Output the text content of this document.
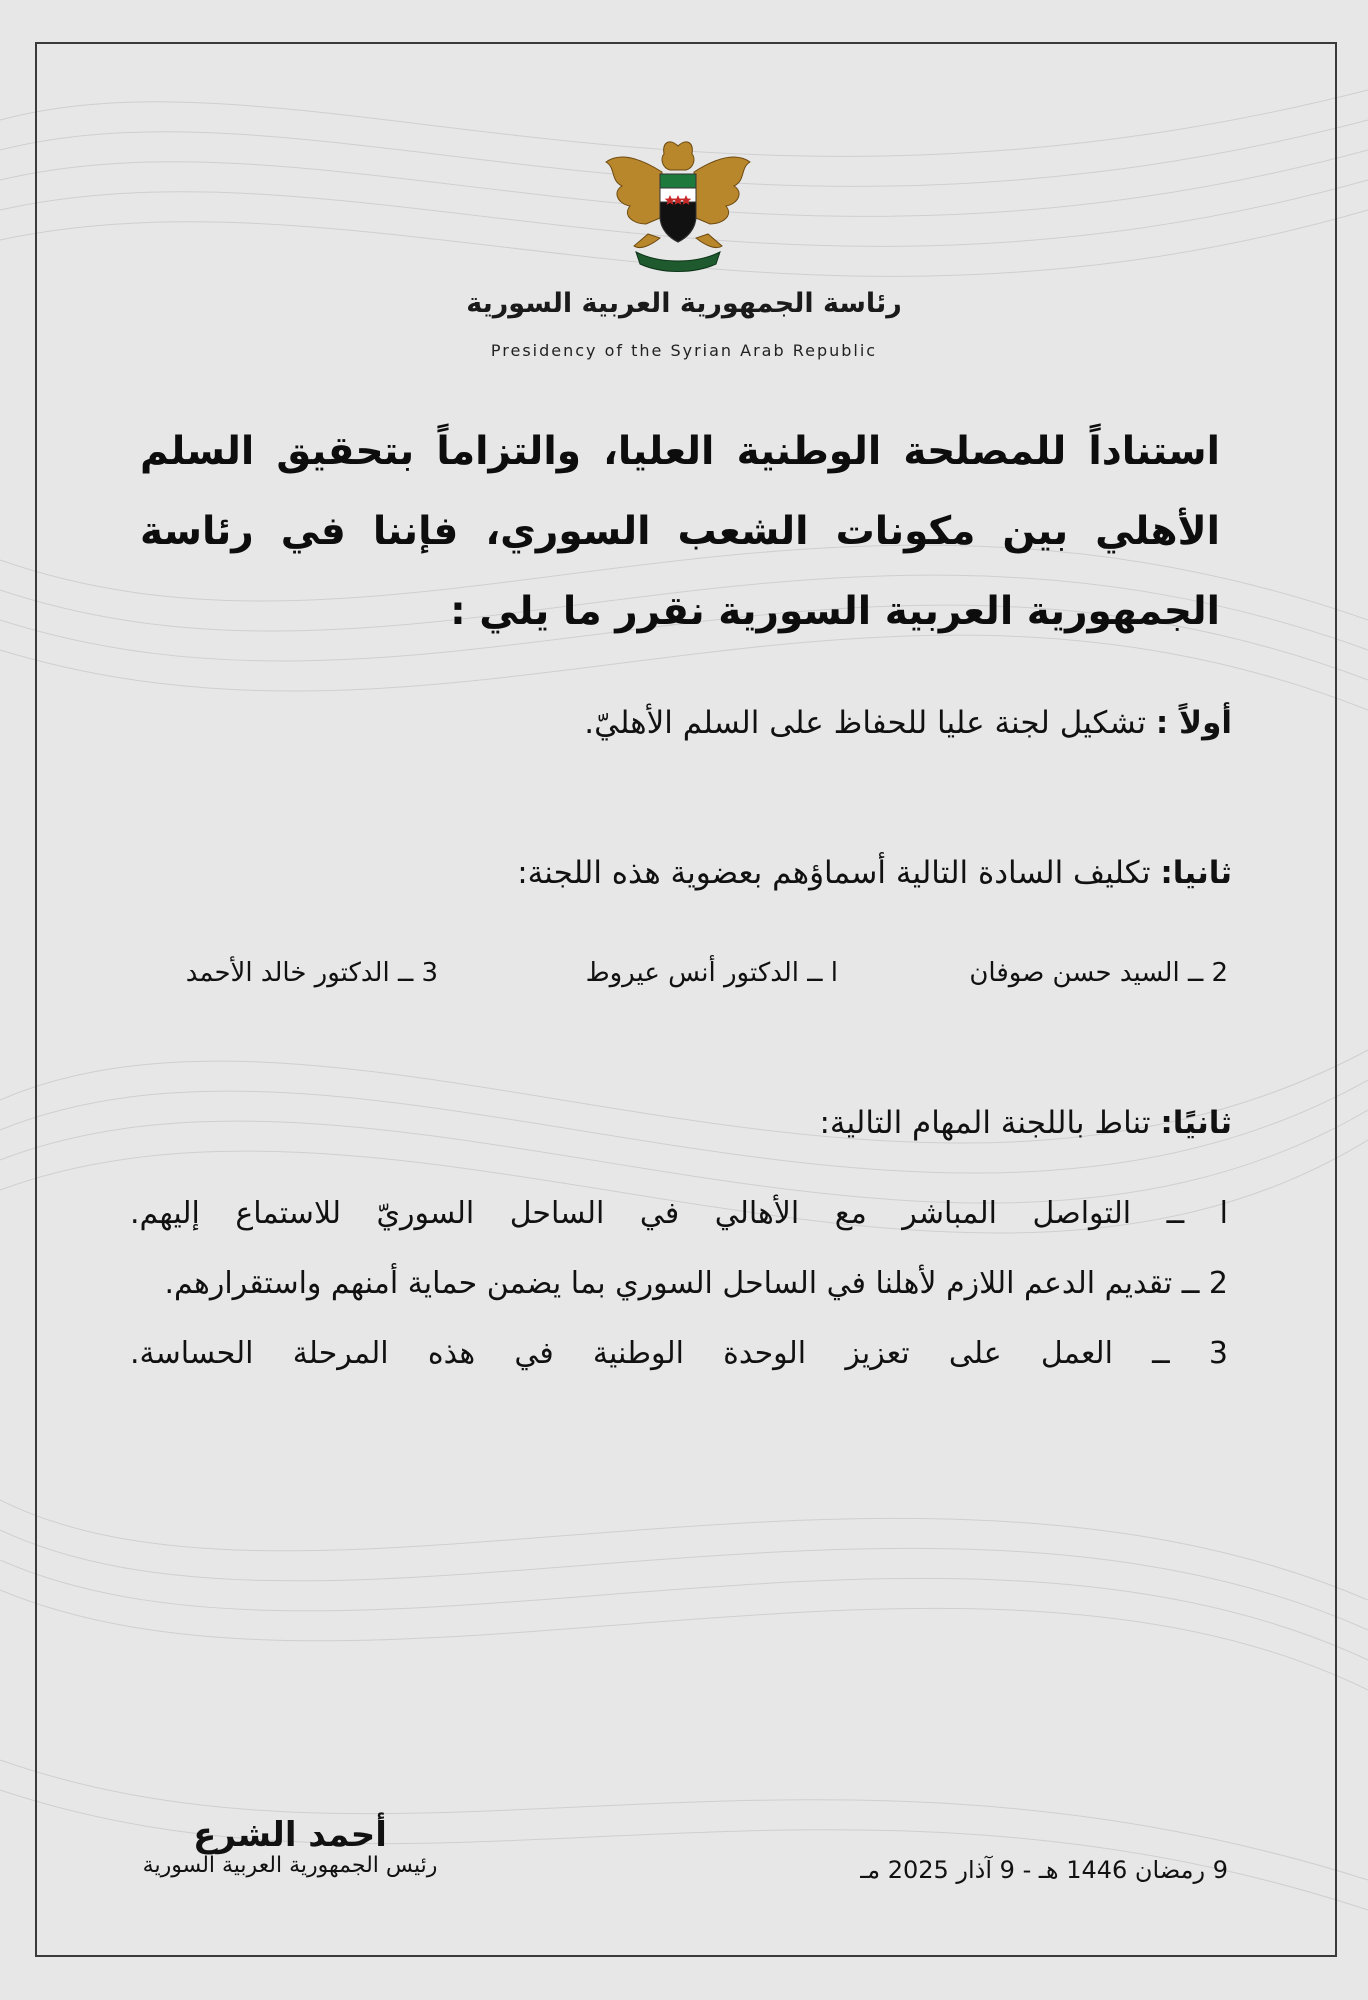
رئاسة الجمهورية العربية السورية
Presidency of the Syrian Arab Republic
استناداً للمصلحة الوطنية العليا، والتزاماً بتحقيق السلم الأهلي بين مكونات الشعب السوري، فإننا في رئاسة الجمهورية العربية السورية نقرر ما يلي :
أولاً : تشكيل لجنة عليا للحفاظ على السلم الأهليّ.
ثانيا: تكليف السادة التالية أسماؤهم بعضوية هذه اللجنة:
2 ــ السيد حسن صوفان
ا ــ الدكتور أنس عيروط
3 ــ الدكتور خالد الأحمد
ثانيًا: تناط باللجنة المهام التالية:
ا ــ التواصل المباشر مع الأهالي في الساحل السوريّ للاستماع إليهم.
2 ــ تقديم الدعم اللازم لأهلنا في الساحل السوري بما يضمن حماية أمنهم واستقرارهم.
3 ــ العمل على تعزيز الوحدة الوطنية في هذه المرحلة الحساسة.
أحمد الشرع
رئيس الجمهورية العربية السورية	9 رمضان 1446 هـ - 9 آذار 2025 مـ
